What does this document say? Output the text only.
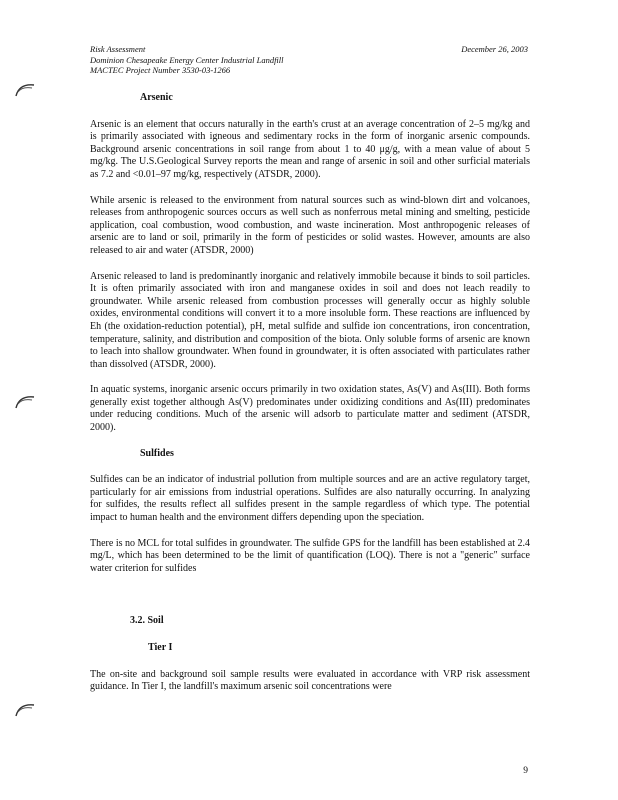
Risk Assessment
Dominion Chesapeake Energy Center Industrial Landfill
MACTEC Project Number 3530-03-1266
December 26, 2003
Arsenic

Arsenic is an element that occurs naturally in the earth's crust at an average concentration of 2–5 mg/kg and is primarily associated with igneous and sedimentary rocks in the form of inorganic arsenic compounds. Background arsenic concentrations in soil range from about 1 to 40 μg/g, with a mean value of about 5 mg/kg. The U.S.Geological Survey reports the mean and range of arsenic in soil and other surficial materials as 7.2 and <0.01–97 mg/kg, respectively (ATSDR, 2000).

While arsenic is released to the environment from natural sources such as wind-blown dirt and volcanoes, releases from anthropogenic sources occurs as well such as nonferrous metal mining and smelting, pesticide application, coal combustion, wood combustion, and waste incineration. Most anthropogenic releases of arsenic are to land or soil, primarily in the form of pesticides or solid wastes. However, amounts are also released to air and water (ATSDR, 2000)

Arsenic released to land is predominantly inorganic and relatively immobile because it binds to soil particles. It is often primarily associated with iron and manganese oxides in soil and does not leach readily to groundwater. While arsenic released from combustion processes will generally occur as highly soluble oxides, environmental conditions will convert it to a more insoluble form. These reactions are influenced by Eh (the oxidation-reduction potential), pH, metal sulfide and sulfide ion concentrations, iron concentration, temperature, salinity, and distribution and composition of the biota. Only soluble forms of arsenic are known to leach into shallow groundwater. When found in groundwater, it is often associated with particulates rather than dissolved (ATSDR, 2000).

In aquatic systems, inorganic arsenic occurs primarily in two oxidation states, As(V) and As(III). Both forms generally exist together although As(V) predominates under oxidizing conditions and As(III) predominates under reducing conditions. Much of the arsenic will adsorb to particulate matter and sediment (ATSDR, 2000).

Sulfides

Sulfides can be an indicator of industrial pollution from multiple sources and are an active regulatory target, particularly for air emissions from industrial operations. Sulfides are also naturally occurring. In analyzing for sulfides, the results reflect all sulfides present in the sample regardless of which type. The potential impact to human health and the environment differs depending upon the speciation.

There is no MCL for total sulfides in groundwater. The sulfide GPS for the landfill has been established at 2.4 mg/L, which has been determined to be the limit of quantification (LOQ). There is not a "generic" surface water criterion for sulfides

3.2. Soil
Tier I

The on-site and background soil sample results were evaluated in accordance with VRP risk assessment guidance. In Tier I, the landfill's maximum arsenic soil concentrations were

9
